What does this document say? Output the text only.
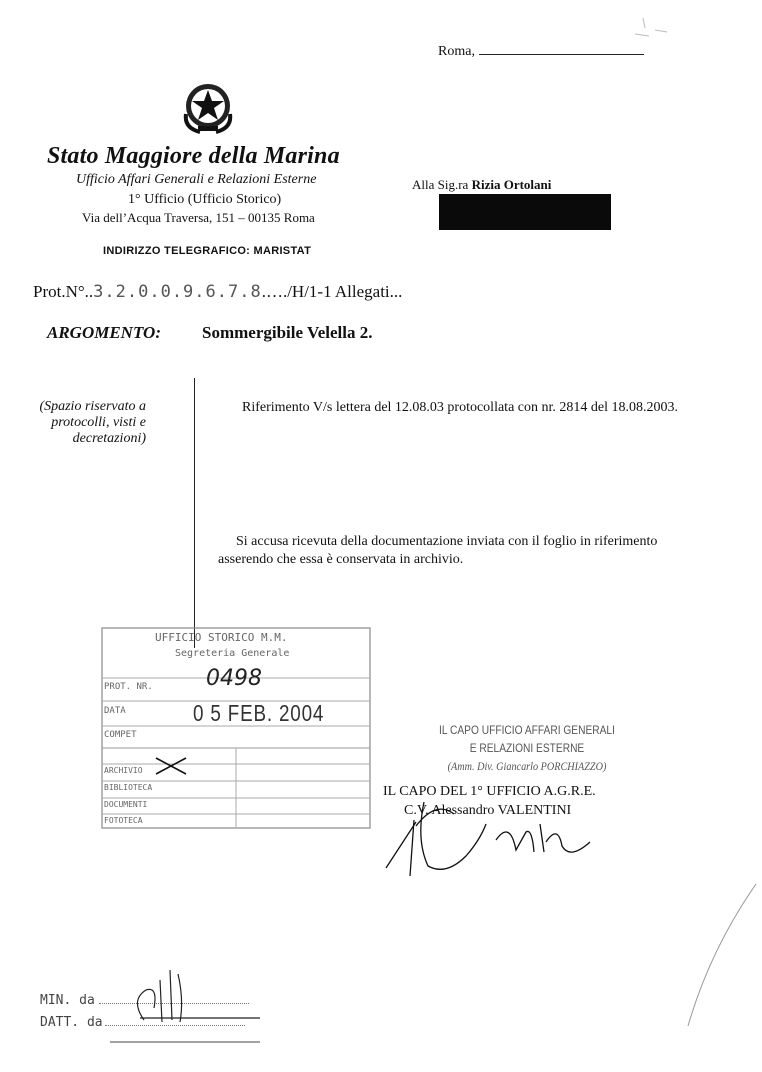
Roma,
Stato Maggiore della Marina
Ufficio Affari Generali e Relazioni Esterne
1° Ufficio (Ufficio Storico)
Via dell’Acqua Traversa, 151 – 00135 Roma
INDIRIZZO TELEGRAFICO: MARISTAT
Alla Sig.ra Rizia Ortolani
Prot.N°..3.2.0.0.9.6.7.8.…./H/1-1 Allegati...
ARGOMENTO: Sommergibile Velella 2.
(Spazio riservato a protocolli, visti e decretazioni)
Riferimento V/s lettera del 12.08.03 protocollata con nr. 2814 del 18.08.2003.
Si accusa ricevuta della documentazione inviata con il foglio in riferimento asserendo che essa è conservata in archivio.
UFFICIO STORICO M.M.
Segreteria Generale
PROT. NR.
DATA
COMPET
ARCHIVIO
BIBLIOTECA
DOCUMENTI
FOTOTECA
0498
0 5 FEB. 2004
IL CAPO UFFICIO AFFARI GENERALI
E RELAZIONI ESTERNE
(Amm. Div. Giancarlo PORCHIAZZO)
IL CAPO DEL 1° UFFICIO A.G.R.E.
C.V. Alessandro VALENTINI
MIN. da
DATT. da
